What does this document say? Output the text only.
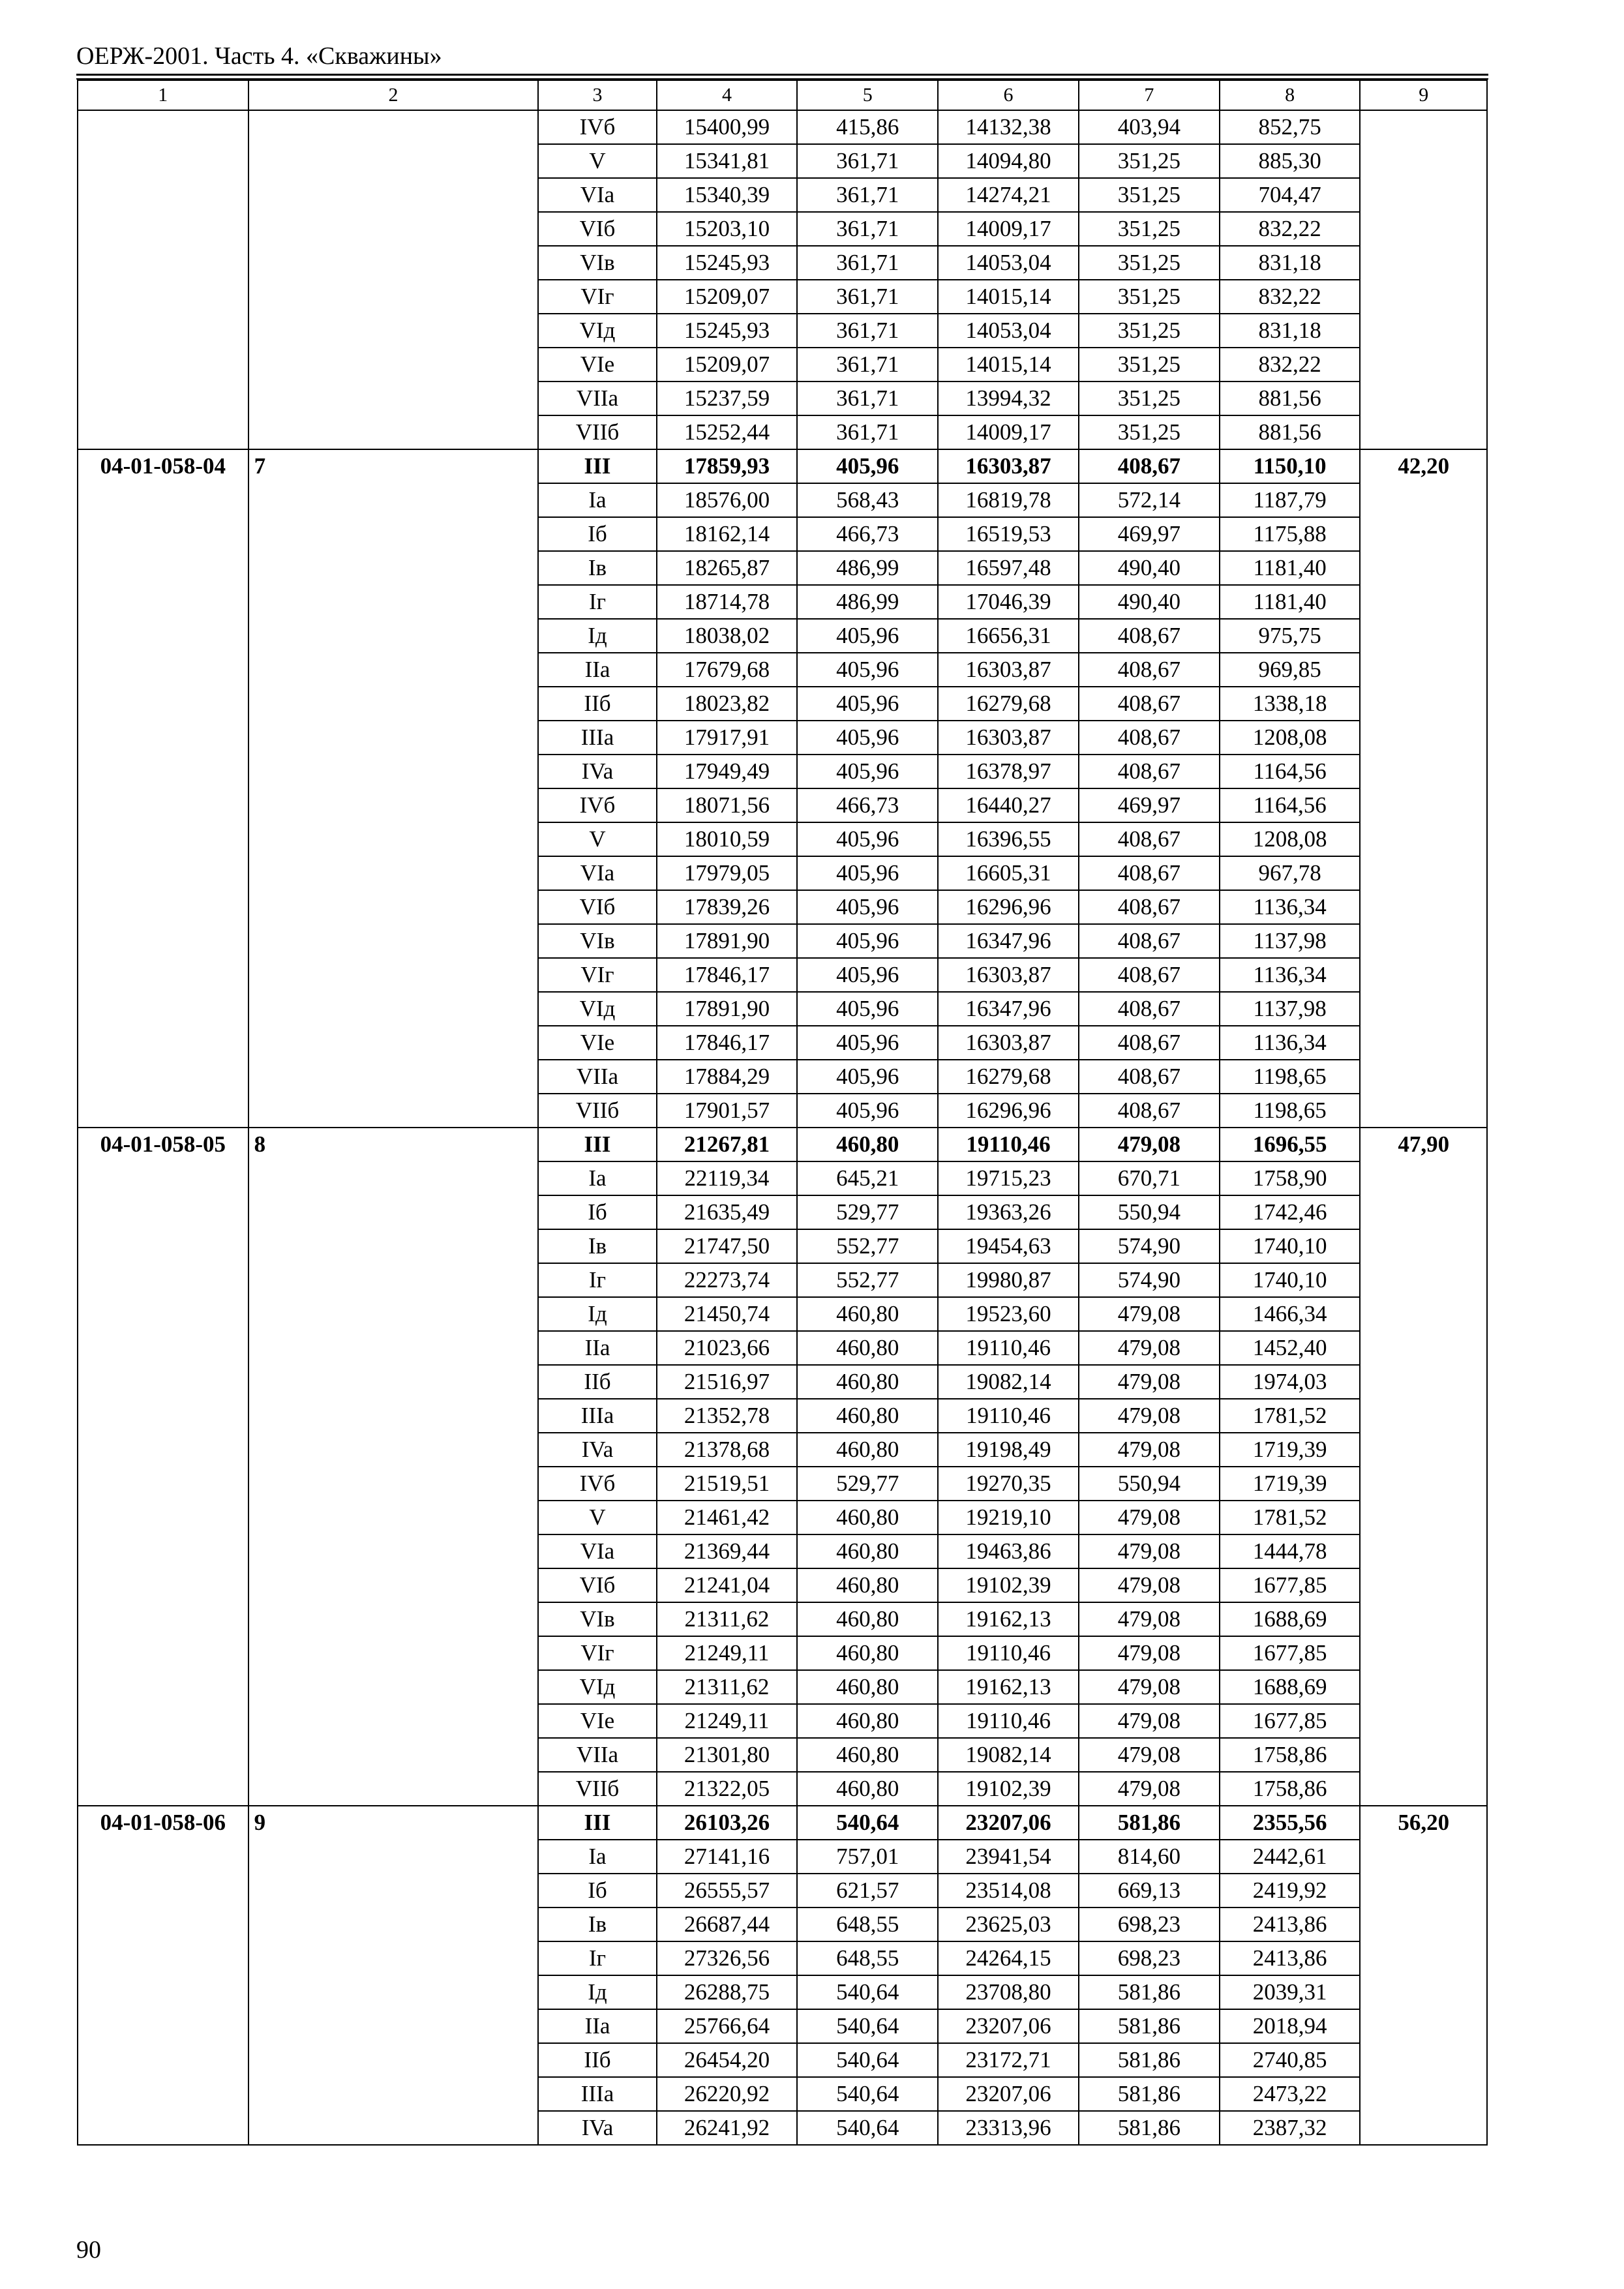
ОЕРЖ-2001. Часть 4. «Скважины»
1	2	3	4	5	6	7	8	9
		IVб	15400,99	415,86	14132,38	403,94	852,75	
		V	15341,81	361,71	14094,80	351,25	885,30	
		VIa	15340,39	361,71	14274,21	351,25	704,47	
		VIб	15203,10	361,71	14009,17	351,25	832,22	
		VIв	15245,93	361,71	14053,04	351,25	831,18	
		VIг	15209,07	361,71	14015,14	351,25	832,22	
		VIд	15245,93	361,71	14053,04	351,25	831,18	
		VIe	15209,07	361,71	14015,14	351,25	832,22	
		VIIa	15237,59	361,71	13994,32	351,25	881,56	
		VIIб	15252,44	361,71	14009,17	351,25	881,56	
04-01-058-04	7	III	17859,93	405,96	16303,87	408,67	1150,10	42,20
		Ia	18576,00	568,43	16819,78	572,14	1187,79	
		Iб	18162,14	466,73	16519,53	469,97	1175,88	
		Iв	18265,87	486,99	16597,48	490,40	1181,40	
		Iг	18714,78	486,99	17046,39	490,40	1181,40	
		Iд	18038,02	405,96	16656,31	408,67	975,75	
		IIa	17679,68	405,96	16303,87	408,67	969,85	
		IIб	18023,82	405,96	16279,68	408,67	1338,18	
		IIIa	17917,91	405,96	16303,87	408,67	1208,08	
		IVa	17949,49	405,96	16378,97	408,67	1164,56	
		IVб	18071,56	466,73	16440,27	469,97	1164,56	
		V	18010,59	405,96	16396,55	408,67	1208,08	
		VIa	17979,05	405,96	16605,31	408,67	967,78	
		VIб	17839,26	405,96	16296,96	408,67	1136,34	
		VIв	17891,90	405,96	16347,96	408,67	1137,98	
		VIг	17846,17	405,96	16303,87	408,67	1136,34	
		VIд	17891,90	405,96	16347,96	408,67	1137,98	
		VIe	17846,17	405,96	16303,87	408,67	1136,34	
		VIIa	17884,29	405,96	16279,68	408,67	1198,65	
		VIIб	17901,57	405,96	16296,96	408,67	1198,65	
04-01-058-05	8	III	21267,81	460,80	19110,46	479,08	1696,55	47,90
		Ia	22119,34	645,21	19715,23	670,71	1758,90	
		Iб	21635,49	529,77	19363,26	550,94	1742,46	
		Iв	21747,50	552,77	19454,63	574,90	1740,10	
		Iг	22273,74	552,77	19980,87	574,90	1740,10	
		Iд	21450,74	460,80	19523,60	479,08	1466,34	
		IIa	21023,66	460,80	19110,46	479,08	1452,40	
		IIб	21516,97	460,80	19082,14	479,08	1974,03	
		IIIa	21352,78	460,80	19110,46	479,08	1781,52	
		IVa	21378,68	460,80	19198,49	479,08	1719,39	
		IVб	21519,51	529,77	19270,35	550,94	1719,39	
		V	21461,42	460,80	19219,10	479,08	1781,52	
		VIa	21369,44	460,80	19463,86	479,08	1444,78	
		VIб	21241,04	460,80	19102,39	479,08	1677,85	
		VIв	21311,62	460,80	19162,13	479,08	1688,69	
		VIг	21249,11	460,80	19110,46	479,08	1677,85	
		VIд	21311,62	460,80	19162,13	479,08	1688,69	
		VIe	21249,11	460,80	19110,46	479,08	1677,85	
		VIIa	21301,80	460,80	19082,14	479,08	1758,86	
		VIIб	21322,05	460,80	19102,39	479,08	1758,86	
04-01-058-06	9	III	26103,26	540,64	23207,06	581,86	2355,56	56,20
		Ia	27141,16	757,01	23941,54	814,60	2442,61	
		Iб	26555,57	621,57	23514,08	669,13	2419,92	
		Iв	26687,44	648,55	23625,03	698,23	2413,86	
		Iг	27326,56	648,55	24264,15	698,23	2413,86	
		Iд	26288,75	540,64	23708,80	581,86	2039,31	
		IIa	25766,64	540,64	23207,06	581,86	2018,94	
		IIб	26454,20	540,64	23172,71	581,86	2740,85	
		IIIa	26220,92	540,64	23207,06	581,86	2473,22	
		IVa	26241,92	540,64	23313,96	581,86	2387,32	
90
